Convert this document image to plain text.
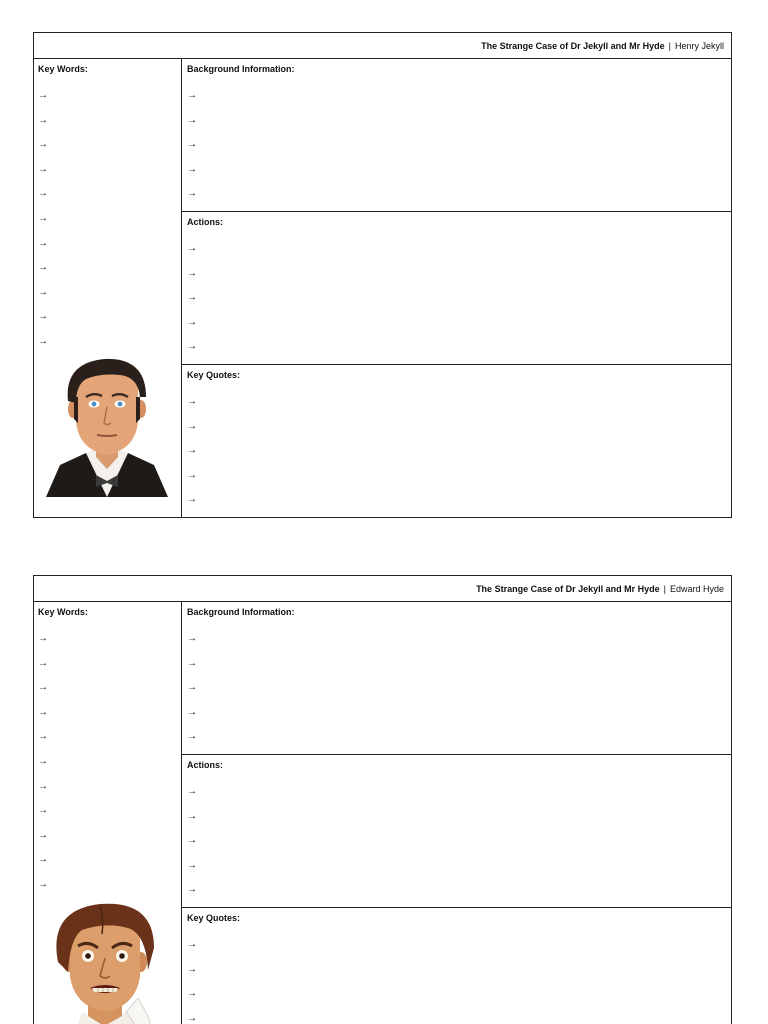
The Strange Case of Dr Jekyll and Mr Hyde | Henry Jekyll
Key Words:
→
→
→
→
→
→
→
→
→
→
→
Background Information:
→
→
→
→
→
Actions:
→
→
→
→
→
Key Quotes:
→
→
→
→
→
The Strange Case of Dr Jekyll and Mr Hyde | Edward Hyde
Key Words:
→
→
→
→
→
→
→
→
→
→
→
Background Information:
→
→
→
→
→
Actions:
→
→
→
→
→
Key Quotes:
→
→
→
→
